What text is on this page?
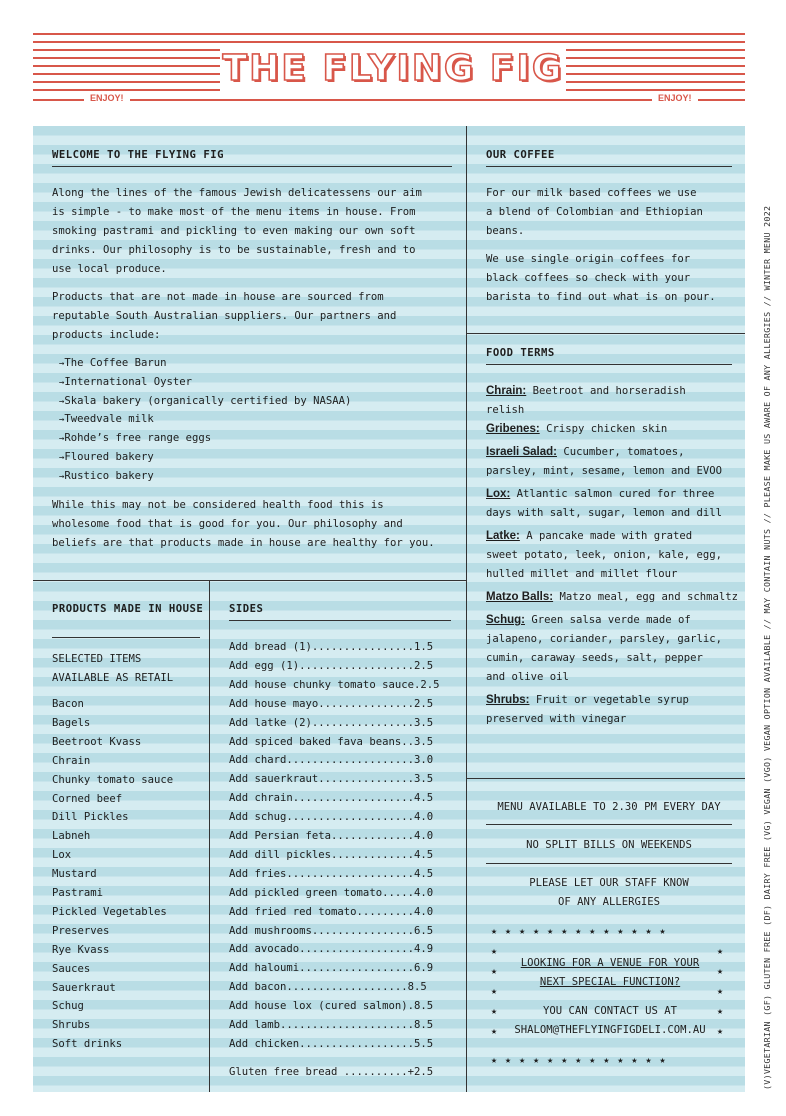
THE FLYING FIG
ENJOY!	ENJOY!
(V)VEGETARIAN (GF) GLUTEN FREE (DF) DAIRY FREE (VG) VEGAN (VGO) VEGAN OPTION AVAILABLE // MAY CONTAIN NUTS // PLEASE MAKE US AWARE OF ANY ALLERGIES // WINTER MENU 2022
WELCOME TO THE FLYING FIG
Along the lines of the famous Jewish delicatessens our aim
is simple - to make most of the menu items in house. From
smoking pastrami and pickling to even making our own soft
drinks. Our philosophy is to be sustainable, fresh and to
use local produce.
Products that are not made in house are sourced from
reputable South Australian suppliers. Our partners and
products include:
→The Coffee Barun
→International Oyster
→Skala bakery (organically certified by NASAA)
→Tweedvale milk
→Rohde’s free range eggs
→Floured bakery
→Rustico bakery
While this may not be considered health food this is
wholesome food that is good for you. Our philosophy and
beliefs are that products made in house are healthy for you.
OUR COFFEE
For our milk based coffees we use
a blend of Colombian and Ethiopian
beans.
We use single origin coffees for
black coffees so check with your
barista to find out what is on pour.
FOOD TERMS
Chrain: Beetroot and horseradish
relish
Gribenes: Crispy chicken skin
Israeli Salad: Cucumber, tomatoes,
parsley, mint, sesame, lemon and EVOO
Lox: Atlantic salmon cured for three
days with salt, sugar, lemon and dill
Latke: A pancake made with grated
sweet potato, leek, onion, kale, egg,
hulled millet and millet flour
Matzo Balls: Matzo meal, egg and schmaltz
Schug: Green salsa verde made of
jalapeno, coriander, parsley, garlic,
cumin, caraway seeds, salt, pepper
and olive oil
Shrubs: Fruit or vegetable syrup
preserved with vinegar
MENU AVAILABLE TO 2.30 PM EVERY DAY
NO SPLIT BILLS ON WEEKENDS
PLEASE LET OUR STAFF KNOW
OF ANY ALLERGIES
★ ★ ★ ★ ★ ★ ★ ★ ★ ★ ★ ★ ★
★ ★ ★ ★ ★ ★ ★ ★ ★ ★ ★ ★ ★
★	★
★	★
★	★
★	★
★	★
LOOKING FOR A VENUE FOR YOUR
NEXT SPECIAL FUNCTION?
YOU CAN CONTACT US AT
SHALOM@THEFLYINGFIGDELI.COM.AU
PRODUCTS MADE IN HOUSE
SELECTED ITEMS
AVAILABLE AS RETAIL
Bacon
Bagels
Beetroot Kvass
Chrain
Chunky tomato sauce
Corned beef
Dill Pickles
Labneh
Lox
Mustard
Pastrami
Pickled Vegetables
Preserves
Rye Kvass
Sauces
Sauerkraut
Schug
Shrubs
Soft drinks
SIDES
Add bread (1)................1.5
Add egg (1)..................2.5
Add house chunky tomato sauce.2.5
Add house mayo...............2.5
Add latke (2)................3.5
Add spiced baked fava beans..3.5
Add chard....................3.0
Add sauerkraut...............3.5
Add chrain...................4.5
Add schug....................4.0
Add Persian feta.............4.0
Add dill pickles.............4.5
Add fries....................4.5
Add pickled green tomato.....4.0
Add fried red tomato.........4.0
Add mushrooms................6.5
Add avocado..................4.9
Add haloumi..................6.9
Add bacon...................8.5
Add house lox (cured salmon).8.5
Add lamb.....................8.5
Add chicken..................5.5
Gluten free bread ..........+2.5
